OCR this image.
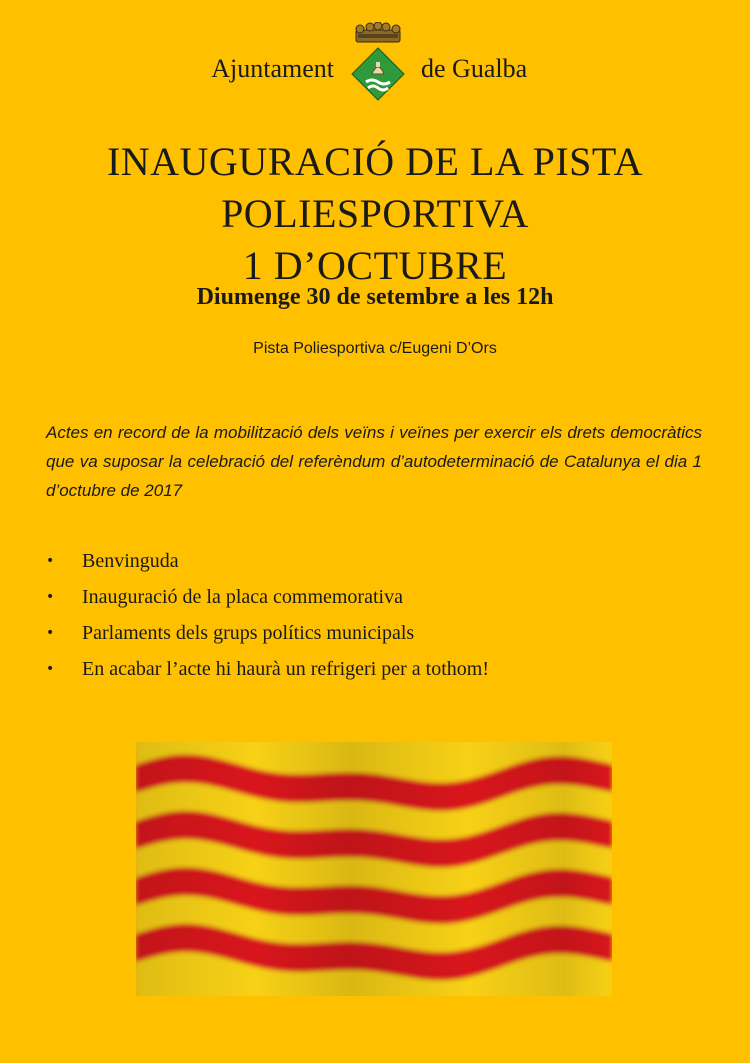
Ajuntament	de Gualba
INAUGURACIÓ DE LA PISTA
POLIESPORTIVA
1 D’OCTUBRE
Diumenge 30 de setembre a les 12h
Pista Poliesportiva c/Eugeni D’Ors
Actes en record de la mobilització dels veïns i veïnes per exercir els drets democràtics que va suposar la celebració del referèndum d’autodeterminació de Catalunya el dia 1 d’octubre de 2017
• Benvinguda
• Inauguració de la placa commemorativa
• Parlaments dels grups polítics municipals
• En acabar l’acte hi haurà un refrigeri per a tothom!
